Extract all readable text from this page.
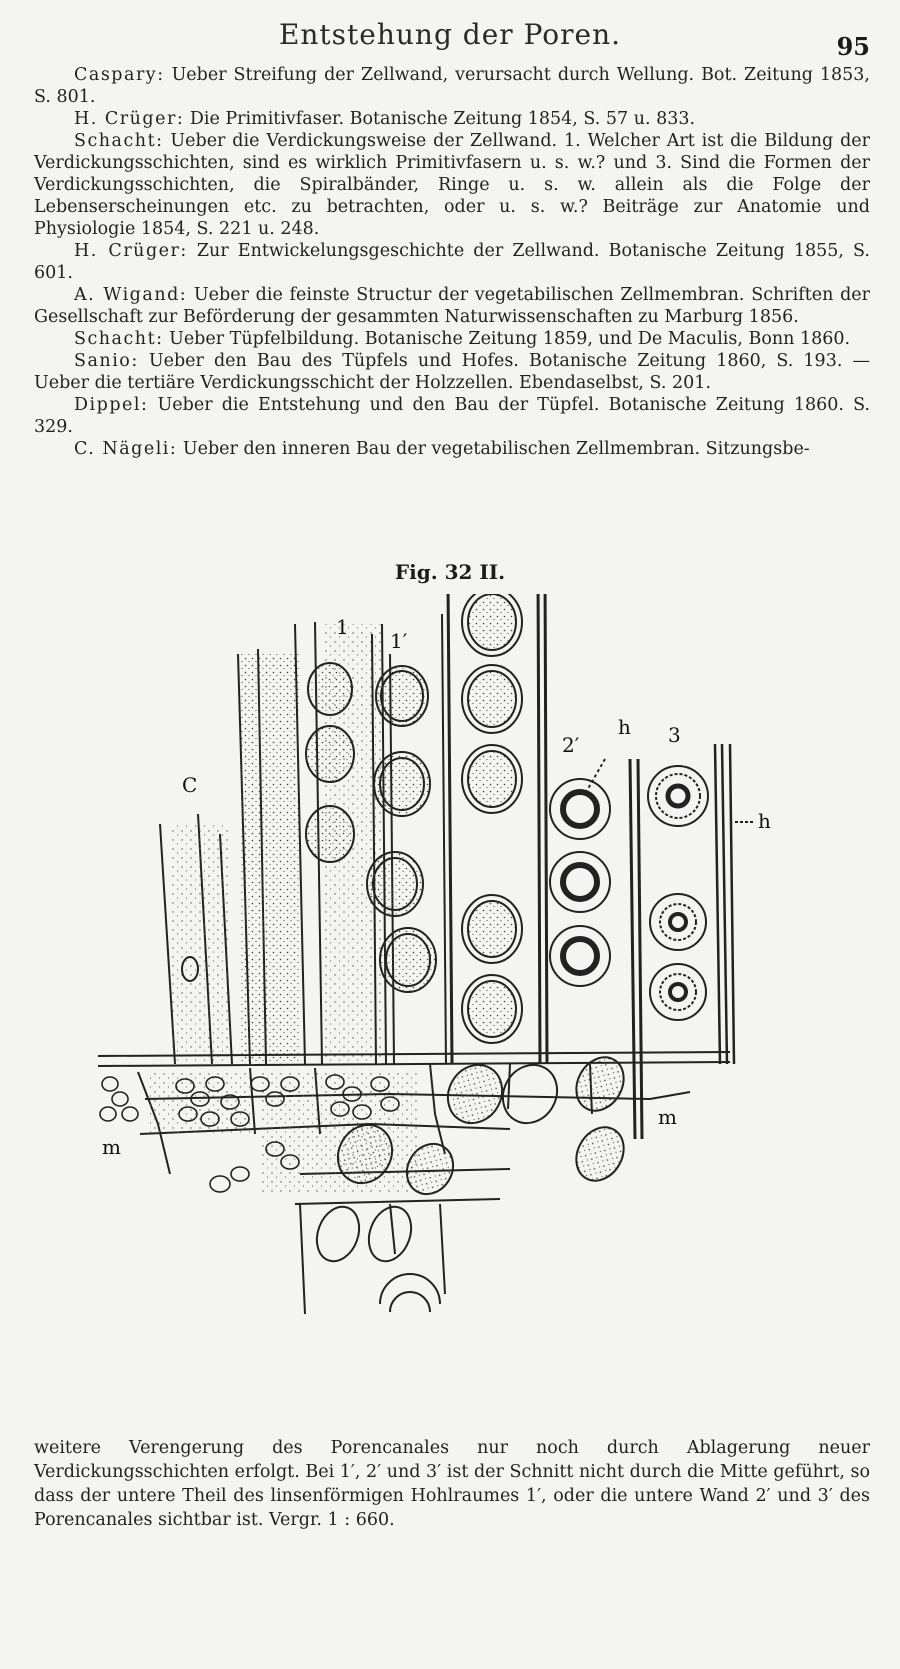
Entstehung der Poren.	95

Caspary: Ueber Streifung der Zellwand, verursacht durch Wellung. Bot. Zeitung 1853, S. 801.

H. Crüger: Die Primitivfaser. Botanische Zeitung 1854, S. 57 u. 833.

Schacht: Ueber die Verdickungsweise der Zellwand. 1. Welcher Art ist die Bildung der Verdickungsschichten, sind es wirklich Primitivfasern u. s. w.? und 3. Sind die Formen der Verdickungsschichten, die Spiralbänder, Ringe u. s. w. allein als die Folge der Lebenserscheinungen etc. zu betrachten, oder u. s. w.? Beiträge zur Anatomie und Physiologie 1854, S. 221 u. 248.

H. Crüger: Zur Entwickelungsgeschichte der Zellwand. Botanische Zeitung 1855, S. 601.

A. Wigand: Ueber die feinste Structur der vegetabilischen Zellmembran. Schriften der Gesellschaft zur Beförderung der gesammten Naturwissenschaften zu Marburg 1856.

Schacht: Ueber Tüpfelbildung. Botanische Zeitung 1859, und De Maculis, Bonn 1860.

Sanio: Ueber den Bau des Tüpfels und Hofes. Botanische Zeitung 1860, S. 193. — Ueber die tertiäre Verdickungsschicht der Holzzellen. Ebendaselbst, S. 201.

Dippel: Ueber die Entstehung und den Bau der Tüpfel. Botanische Zeitung 1860. S. 329.

C. Nägeli: Ueber den inneren Bau der vegetabilischen Zellmembran. Sitzungsbe-

Fig. 32 II.
C
1
1′
2′	3
h
h
m
m
weitere Verengerung des Porencanales nur noch durch Ablagerung neuer Verdickungsschichten erfolgt. Bei 1′, 2′ und 3′ ist der Schnitt nicht durch die Mitte geführt, so dass der untere Theil des linsenförmigen Hohlraumes 1′, oder die untere Wand 2′ und 3′ des Porencanales sichtbar ist. Vergr. 1 : 660.
